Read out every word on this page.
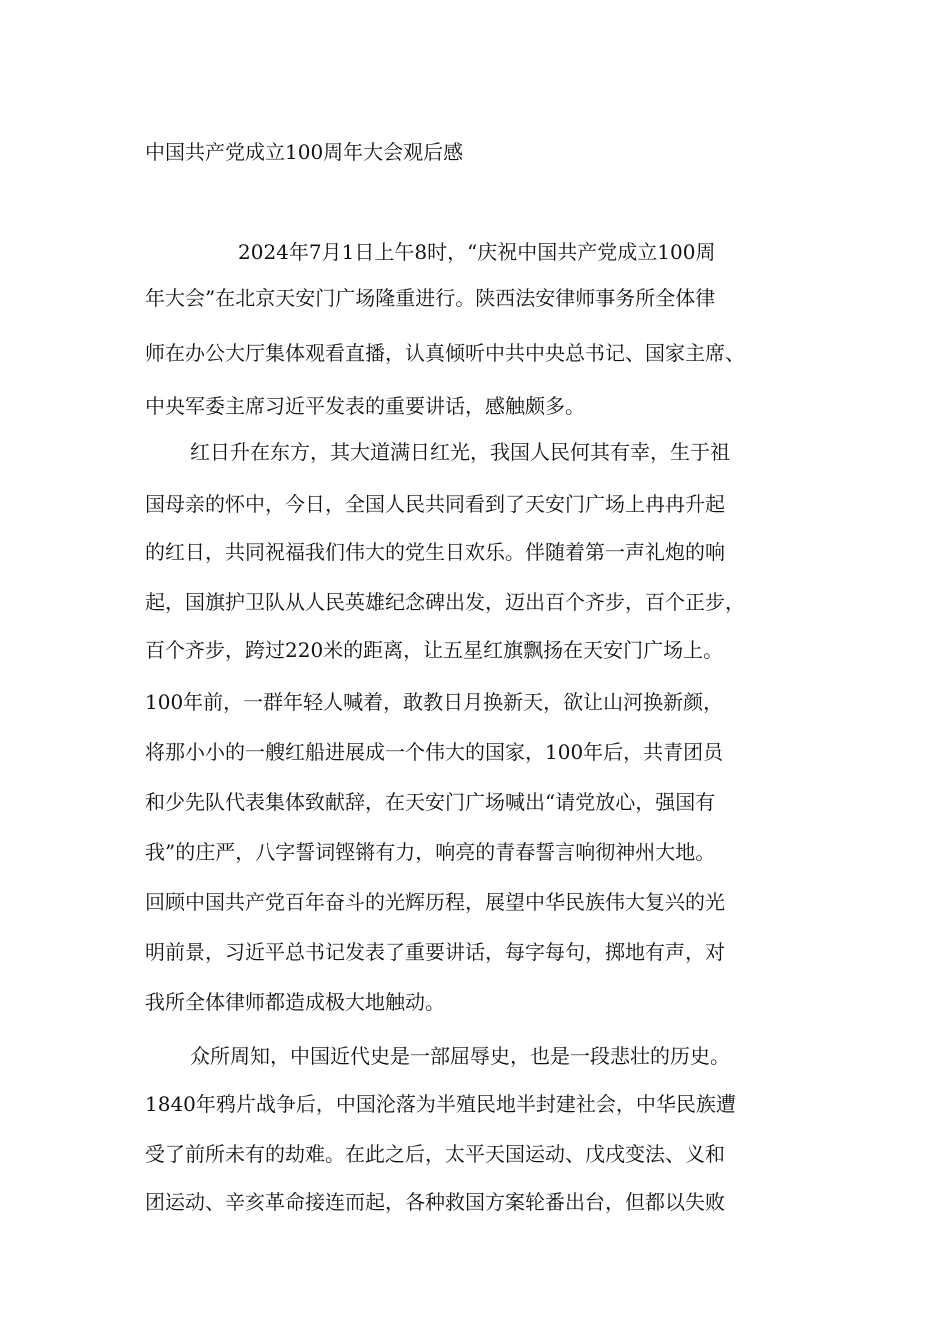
中国共产党成立100周年大会观后感
2024年7月1日上午8时，“庆祝中国共产党成立100周
年大会”在北京天安门广场隆重进行。陕西法安律师事务所全体律
师在办公大厅集体观看直播，认真倾听中共中央总书记、国家主席、
中央军委主席习近平发表的重要讲话，感触颇多。
红日升在东方，其大道满日红光，我国人民何其有幸，生于祖
国母亲的怀中，今日，全国人民共同看到了天安门广场上冉冉升起
的红日，共同祝福我们伟大的党生日欢乐。伴随着第一声礼炮的响
起，国旗护卫队从人民英雄纪念碑出发，迈出百个齐步，百个正步，
百个齐步，跨过220米的距离，让五星红旗飘扬在天安门广场上。
100年前，一群年轻人喊着，敢教日月换新天，欲让山河换新颜，
将那小小的一艘红船进展成一个伟大的国家，100年后，共青团员
和少先队代表集体致献辞，在天安门广场喊出“请党放心，强国有
我”的庄严，八字誓词铿锵有力，响亮的青春誓言响彻神州大地。
回顾中国共产党百年奋斗的光辉历程，展望中华民族伟大复兴的光
明前景，习近平总书记发表了重要讲话，每字每句，掷地有声，对
我所全体律师都造成极大地触动。
众所周知，中国近代史是一部屈辱史，也是一段悲壮的历史。
1840年鸦片战争后，中国沦落为半殖民地半封建社会，中华民族遭
受了前所未有的劫难。在此之后，太平天国运动、戊戌变法、义和
团运动、辛亥革命接连而起，各种救国方案轮番出台，但都以失败
